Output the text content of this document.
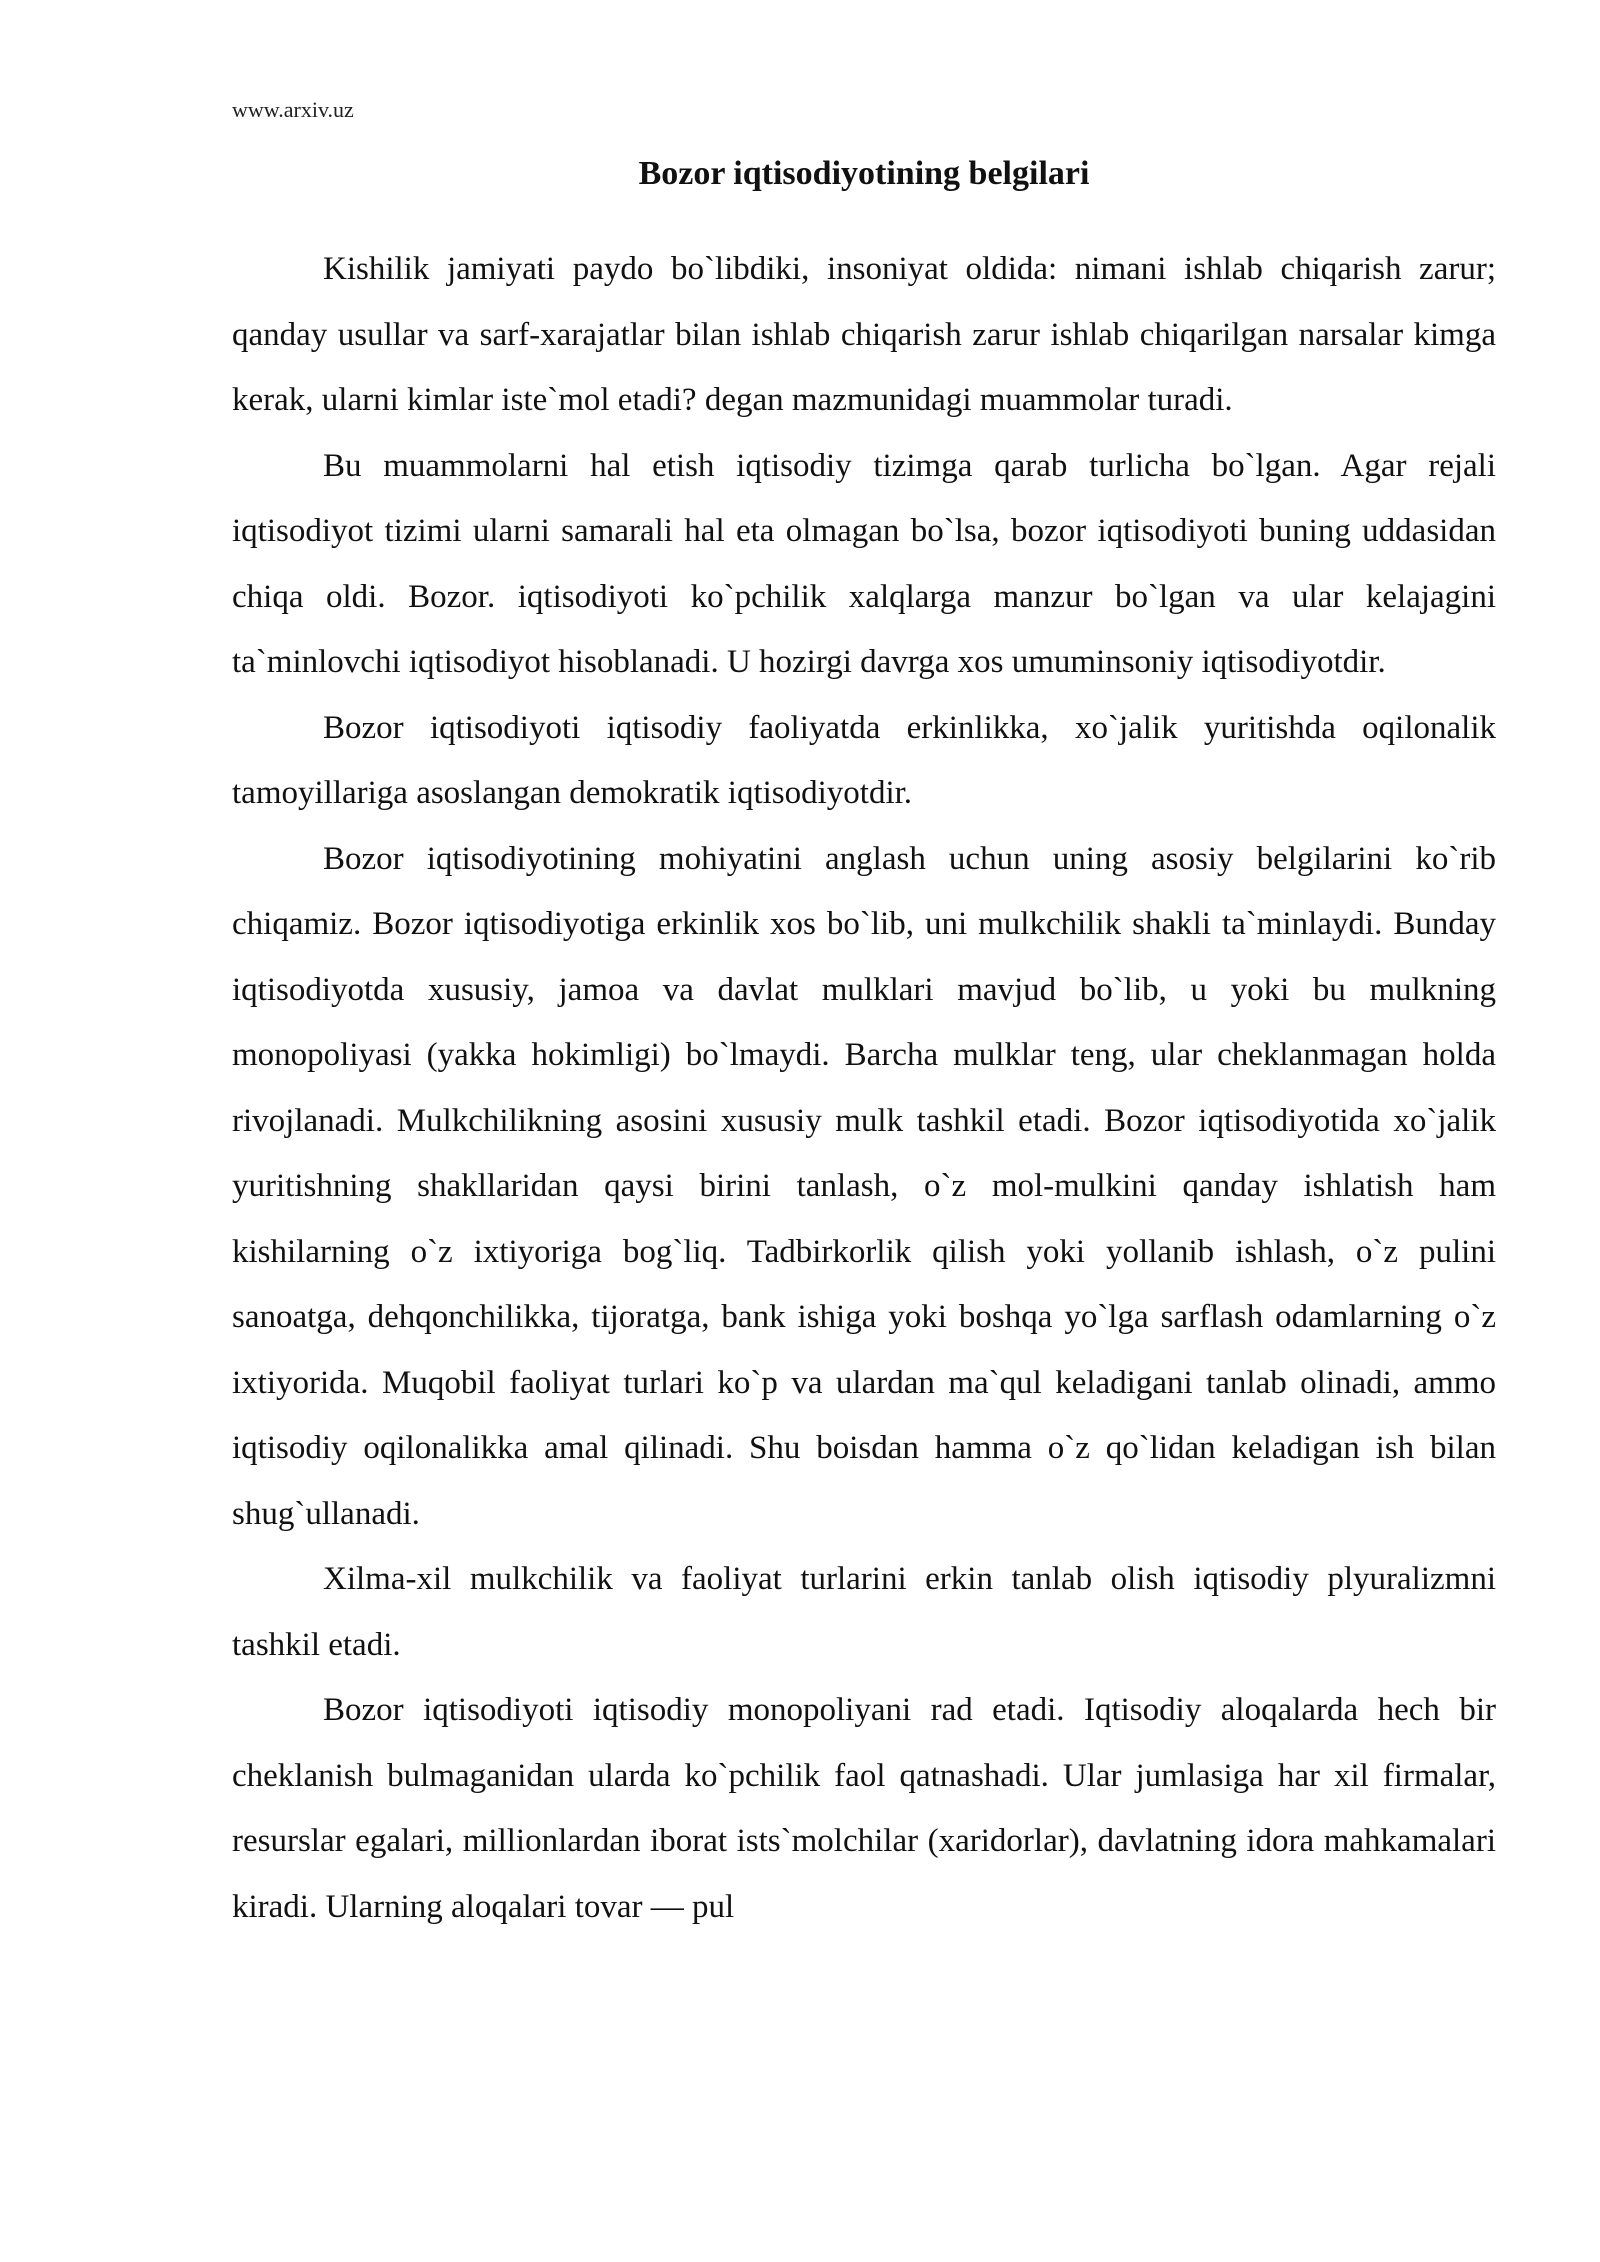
www.arxiv.uz
Bozor iqtisodiyotining belgilari

Kishilik jamiyati paydo bo`libdiki, insoniyat oldida: nimani ishlab chiqarish zarur; qanday usullar va sarf-xarajatlar bilan ishlab chiqarish zarur ishlab chiqarilgan narsalar kimga kerak, ularni kimlar iste`mol etadi? degan mazmunidagi muammolar turadi.

Bu muammolarni hal etish iqtisodiy tizimga qarab turlicha bo`lgan. Agar rejali iqtisodiyot tizimi ularni samarali hal eta olmagan bo`lsa, bozor iqtisodiyoti buning uddasidan chiqa oldi. Bozor. iqtisodiyoti ko`pchilik xalqlarga manzur bo`lgan va ular kelajagini ta`minlovchi iqtisodiyot hisoblanadi. U hozirgi davrga xos umuminsoniy iqtisodiyotdir.

Bozor iqtisodiyoti iqtisodiy faoliyatda erkinlikka, xo`jalik yuritishda oqilonalik tamoyillariga asoslangan demokratik iqtisodiyotdir.

Bozor iqtisodiyotining mohiyatini anglash uchun uning asosiy belgilarini ko`rib chiqamiz. Bozor iqtisodiyotiga erkinlik xos bo`lib, uni mulkchilik shakli ta`minlaydi. Bunday iqtisodiyotda xususiy, jamoa va davlat mulklari mavjud bo`lib, u yoki bu mulkning monopoliyasi (yakka hokimligi) bo`lmaydi. Barcha mulklar teng, ular cheklanmagan holda rivojlanadi. Mulkchilikning asosini xususiy mulk tashkil etadi. Bozor iqtisodiyotida xo`jalik yuritishning shakllaridan qaysi birini tanlash, o`z mol-mulkini qanday ishlatish ham kishilarning o`z ixtiyoriga bog`liq. Tadbirkorlik qilish yoki yollanib ishlash, o`z pulini sanoatga, dehqonchilikka, tijoratga, bank ishiga yoki boshqa yo`lga sarflash odamlarning o`z ixtiyorida. Muqobil faoliyat turlari ko`p va ulardan ma`qul keladigani tanlab olinadi, ammo iqtisodiy oqilonalikka amal qilinadi. Shu boisdan hamma o`z qo`lidan keladigan ish bilan shug`ullanadi.

Xilma-xil mulkchilik va faoliyat turlarini erkin tanlab olish iqtisodiy plyuralizmni tashkil etadi.

Bozor iqtisodiyoti iqtisodiy monopoliyani rad etadi. Iqtisodiy aloqalarda hech bir cheklanish bulmaganidan ularda ko`pchilik faol qatnashadi. Ular jumlasiga har xil firmalar, resurslar egalari, millionlardan iborat ists`molchilar (xaridorlar), davlatning idora mahkamalari kiradi. Ularning aloqalari tovar — pul
